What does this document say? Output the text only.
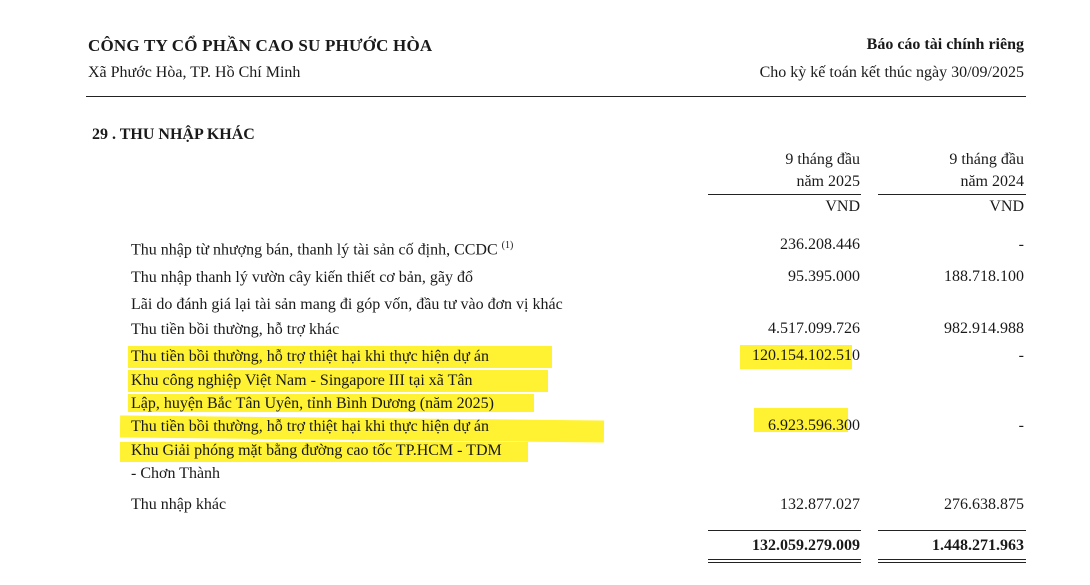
CÔNG TY CỔ PHẦN CAO SU PHƯỚC HÒA
Xã Phước Hòa, TP. Hồ Chí Minh
Báo cáo tài chính riêng
Cho kỳ kế toán kết thúc ngày 30/09/2025
29 . THU NHẬP KHÁC
9 tháng đầu
năm 2025
9 tháng đầu
năm 2024
VND	VND
Thu nhập từ nhượng bán, thanh lý tài sản cố định, CCDC $^{(1)}$	236.208.446	-
Thu nhập thanh lý vườn cây kiến thiết cơ bản, gãy đổ	95.395.000	188.718.100
Lãi do đánh giá lại tài sản mang đi góp vốn, đầu tư vào đơn vị khác
Thu tiền bồi thường, hỗ trợ khác	4.517.099.726	982.914.988
Thu tiền bồi thường, hỗ trợ thiệt hại khi thực hiện dự án
Khu công nghiệp Việt Nam - Singapore III tại xã Tân
Lập, huyện Bắc Tân Uyên, tỉnh Bình Dương (năm 2025)
120.154.102.510	-
Thu tiền bồi thường, hỗ trợ thiệt hại khi thực hiện dự án
Khu Giải phóng mặt bằng đường cao tốc TP.HCM - TDM
- Chơn Thành
6.923.596.300	-
Thu nhập khác	132.877.027	276.638.875
132.059.279.009	1.448.271.963
